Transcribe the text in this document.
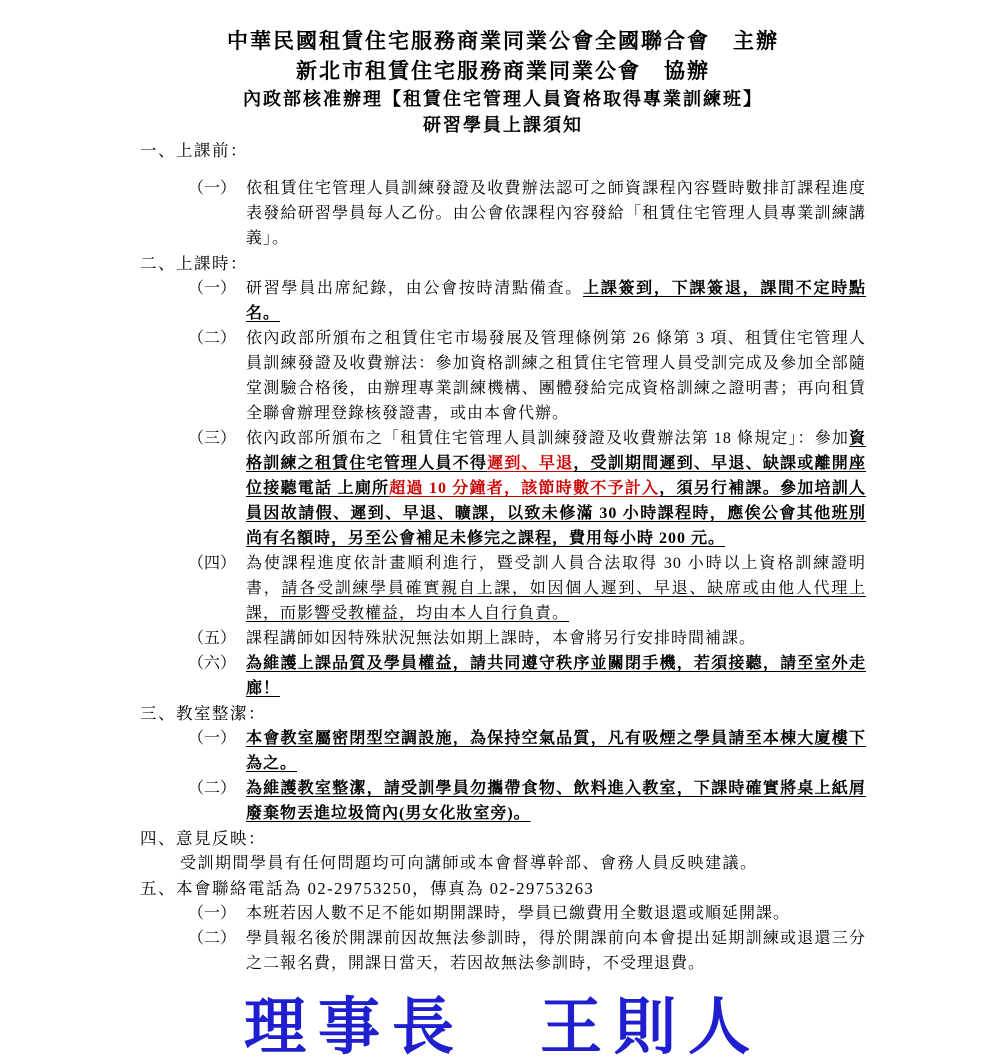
中華民國租賃住宅服務商業同業公會全國聯合會　主辦
新北市租賃住宅服務商業同業公會　協辦
內政部核准辦理【租賃住宅管理人員資格取得專業訓練班】
研習學員上課須知
一、上課前：
（一） 依租賃住宅管理人員訓練發證及收費辦法認可之師資課程內容暨時數排訂課程進度表發給研習學員每人乙份。由公會依課程內容發給「租賃住宅管理人員專業訓練講義」。
二、上課時：
（一） 研習學員出席紀錄，由公會按時清點備查。上課簽到，下課簽退，課間不定時點名。
（二） 依內政部所頒布之租賃住宅市場發展及管理條例第 26 條第 3 項、租賃住宅管理人員訓練發證及收費辦法：參加資格訓練之租賃住宅管理人員受訓完成及參加全部隨堂測驗合格後，由辦理專業訓練機構、團體發給完成資格訓練之證明書；再向租賃全聯會辦理登錄核發證書，或由本會代辦。
（三） 依內政部所頒布之「租賃住宅管理人員訓練發證及收費辦法第 18 條規定」：參加資格訓練之租賃住宅管理人員不得遲到、早退，受訓期間遲到、早退、缺課或離開座位接聽電話 上廁所超過 10 分鐘者，該節時數不予計入，須另行補課。參加培訓人員因故請假、遲到、早退、曠課，以致未修滿 30 小時課程時，應俟公會其他班別尚有名額時，另至公會補足未修完之課程，費用每小時 200 元。
（四） 為使課程進度依計畫順利進行，暨受訓人員合法取得 30 小時以上資格訓練證明書，請各受訓練學員確實親自上課，如因個人遲到、早退、缺席或由他人代理上課，而影響受教權益，均由本人自行負責。
（五） 課程講師如因特殊狀況無法如期上課時，本會將另行安排時間補課。
（六） 為維護上課品質及學員權益，請共同遵守秩序並關閉手機，若須接聽，請至室外走廊！
三、教室整潔：
（一） 本會教室屬密閉型空調設施，為保持空氣品質，凡有吸煙之學員請至本棟大廈樓下為之。
（二） 為維護教室整潔，請受訓學員勿攜帶食物、飲料進入教室，下課時確實將桌上紙屑廢棄物丟進垃圾筒內(男女化妝室旁)。
四、意見反映：
受訓期間學員有任何問題均可向講師或本會督導幹部、會務人員反映建議。
五、本會聯絡電話為 02-29753250，傳真為 02-29753263
（一） 本班若因人數不足不能如期開課時，學員已繳費用全數退還或順延開課。
（二） 學員報名後於開課前因故無法參訓時，得於開課前向本會提出延期訓練或退還三分之二報名費，開課日當天，若因故無法參訓時，不受理退費。
理事長　王則人
